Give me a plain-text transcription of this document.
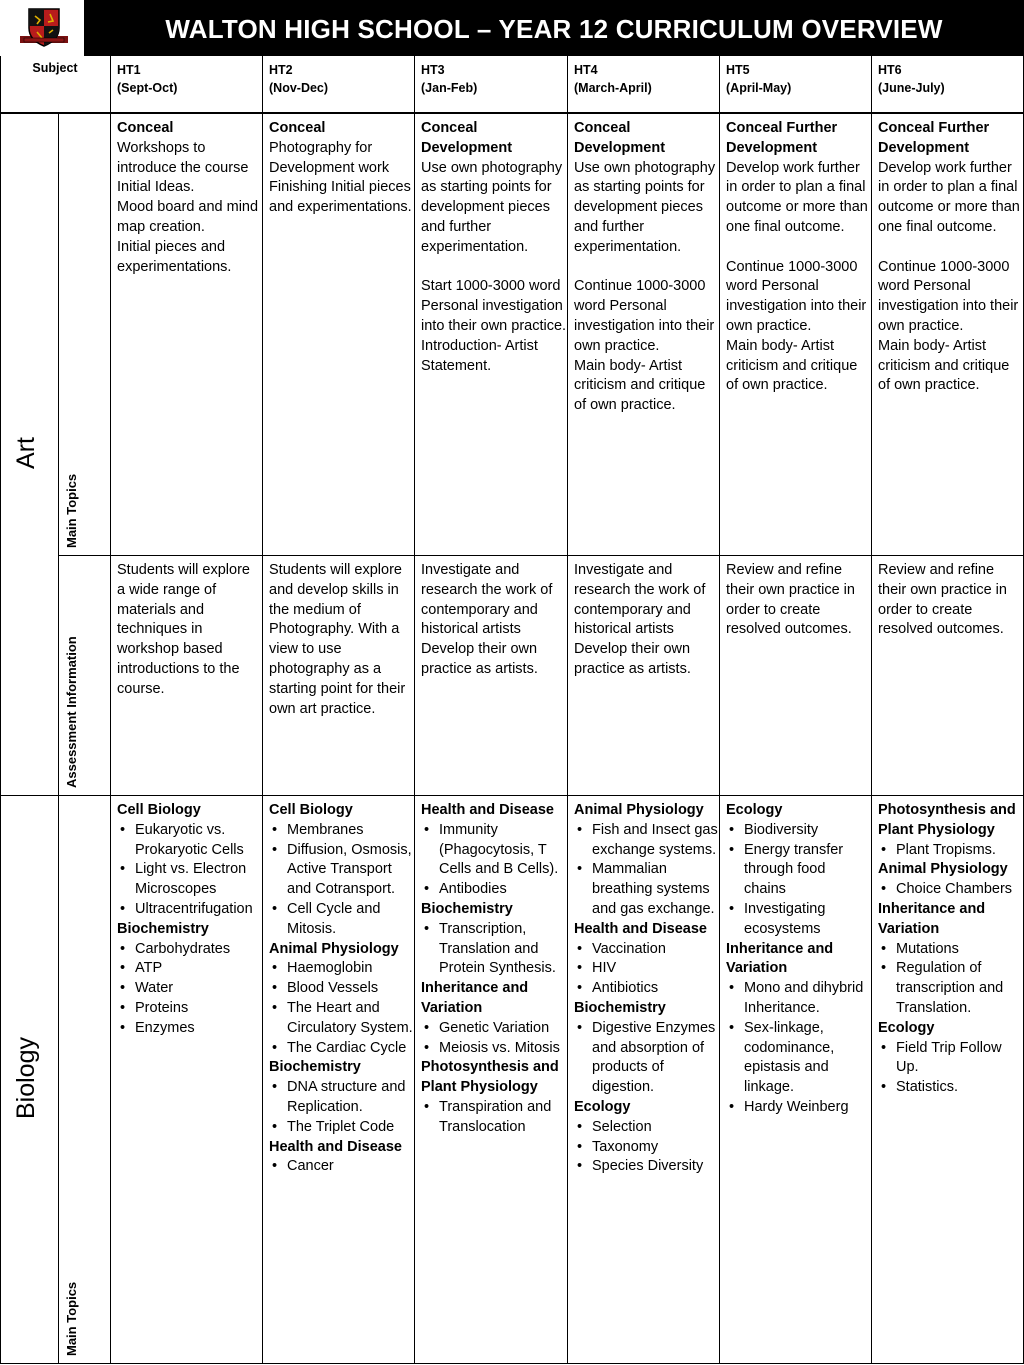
WALTON HIGH SCHOOL – YEAR 12 CURRICULUM OVERVIEW
Subject	HT1
(Sept-Oct)
HT2
(Nov-Dec)
HT3
(Jan-Feb)
HT4
(March-April)
HT5
(April-May)
HT6
(June-July)
Art
Biology
Main Topics
Assessment Information
Main Topics
Conceal
Workshops to introduce the course Initial Ideas.
Mood board and mind map creation.
Initial pieces and experimentations.
Conceal
Photography for Development work Finishing Initial pieces and experimentations.
Conceal Development
Use own photography as starting points for development pieces and further experimentation.
Start 1000-3000 word Personal investigation into their own practice.
Introduction- Artist Statement.
Conceal Development
Use own photography as starting points for development pieces and further experimentation.
Continue 1000-3000 word Personal investigation into their own practice.
Main body- Artist criticism and critique of own practice.
Conceal Further Development
Develop work further in order to plan a final outcome or more than one final outcome.
Continue 1000-3000 word Personal investigation into their own practice.
Main body- Artist criticism and critique of own practice.
Conceal Further Development
Develop work further in order to plan a final outcome or more than one final outcome.
Continue 1000-3000 word Personal investigation into their own practice.
Main body- Artist criticism and critique of own practice.
Students will explore a wide range of materials and techniques in workshop based introductions to the course.
Students will explore and develop skills in the medium of Photography. With a view to use photography as a starting point for their own art practice.
Investigate and research the work of contemporary and historical artists Develop their own practice as artists.
Investigate and research the work of contemporary and historical artists Develop their own practice as artists.
Review and refine their own practice in order to create resolved outcomes.
Review and refine their own practice in order to create resolved outcomes.
Cell Biology
• Eukaryotic vs. Prokaryotic Cells
• Light vs. Electron Microscopes
• Ultracentrifugation
Biochemistry
• Carbohydrates
• ATP
• Water
• Proteins
• Enzymes
Cell Biology
• Membranes
• Diffusion, Osmosis, Active Transport and Cotransport.
• Cell Cycle and Mitosis.
Animal Physiology
• Haemoglobin
• Blood Vessels
• The Heart and Circulatory System.
• The Cardiac Cycle
Biochemistry
• DNA structure and Replication.
• The Triplet Code
Health and Disease
• Cancer
Health and Disease
• Immunity (Phagocytosis, T Cells and B Cells).
• Antibodies
Biochemistry
• Transcription, Translation and Protein Synthesis.
Inheritance and Variation
• Genetic Variation
• Meiosis vs. Mitosis
Photosynthesis and Plant Physiology
• Transpiration and Translocation
Animal Physiology
• Fish and Insect gas exchange systems.
• Mammalian breathing systems and gas exchange.
Health and Disease
• Vaccination
• HIV
• Antibiotics
Biochemistry
• Digestive Enzymes and absorption of products of digestion.
Ecology
• Selection
• Taxonomy
• Species Diversity
Ecology
• Biodiversity
• Energy transfer through food chains
• Investigating ecosystems
Inheritance and Variation
• Mono and dihybrid Inheritance.
• Sex-linkage, codominance, epistasis and linkage.
• Hardy Weinberg
Photosynthesis and Plant Physiology
• Plant Tropisms.
Animal Physiology
• Choice Chambers
Inheritance and Variation
• Mutations
• Regulation of transcription and Translation.
Ecology
• Field Trip Follow Up.
• Statistics.
